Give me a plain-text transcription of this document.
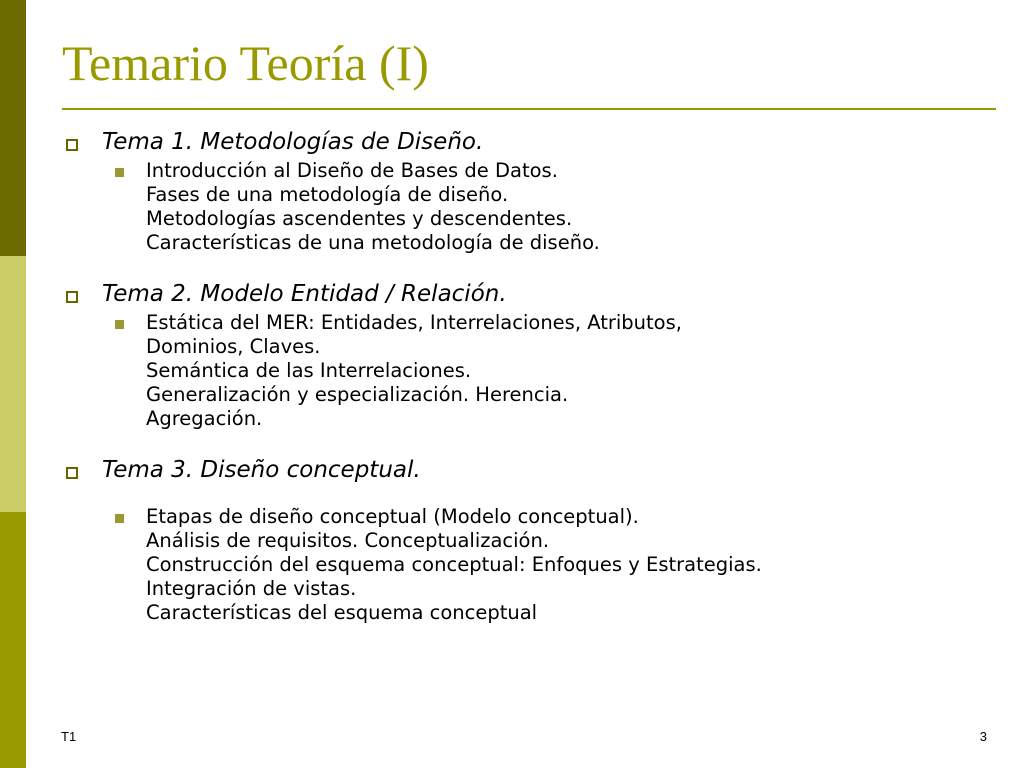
Temario Teoría (I)
Tema 1. Metodologías de Diseño.
Introducción al Diseño de Bases de Datos.
Fases de una metodología de diseño.
Metodologías ascendentes y descendentes.
Características de una metodología de diseño.
Tema 2. Modelo Entidad / Relación.
Estática del MER: Entidades, Interrelaciones, Atributos,
Dominios, Claves.
Semántica de las Interrelaciones.
Generalización y especialización. Herencia.
Agregación.
Tema 3. Diseño conceptual.
Etapas de diseño conceptual (Modelo conceptual).
Análisis de requisitos. Conceptualización.
Construcción del esquema conceptual: Enfoques y Estrategias.
Integración de vistas.
Características del esquema conceptual
T1	3
